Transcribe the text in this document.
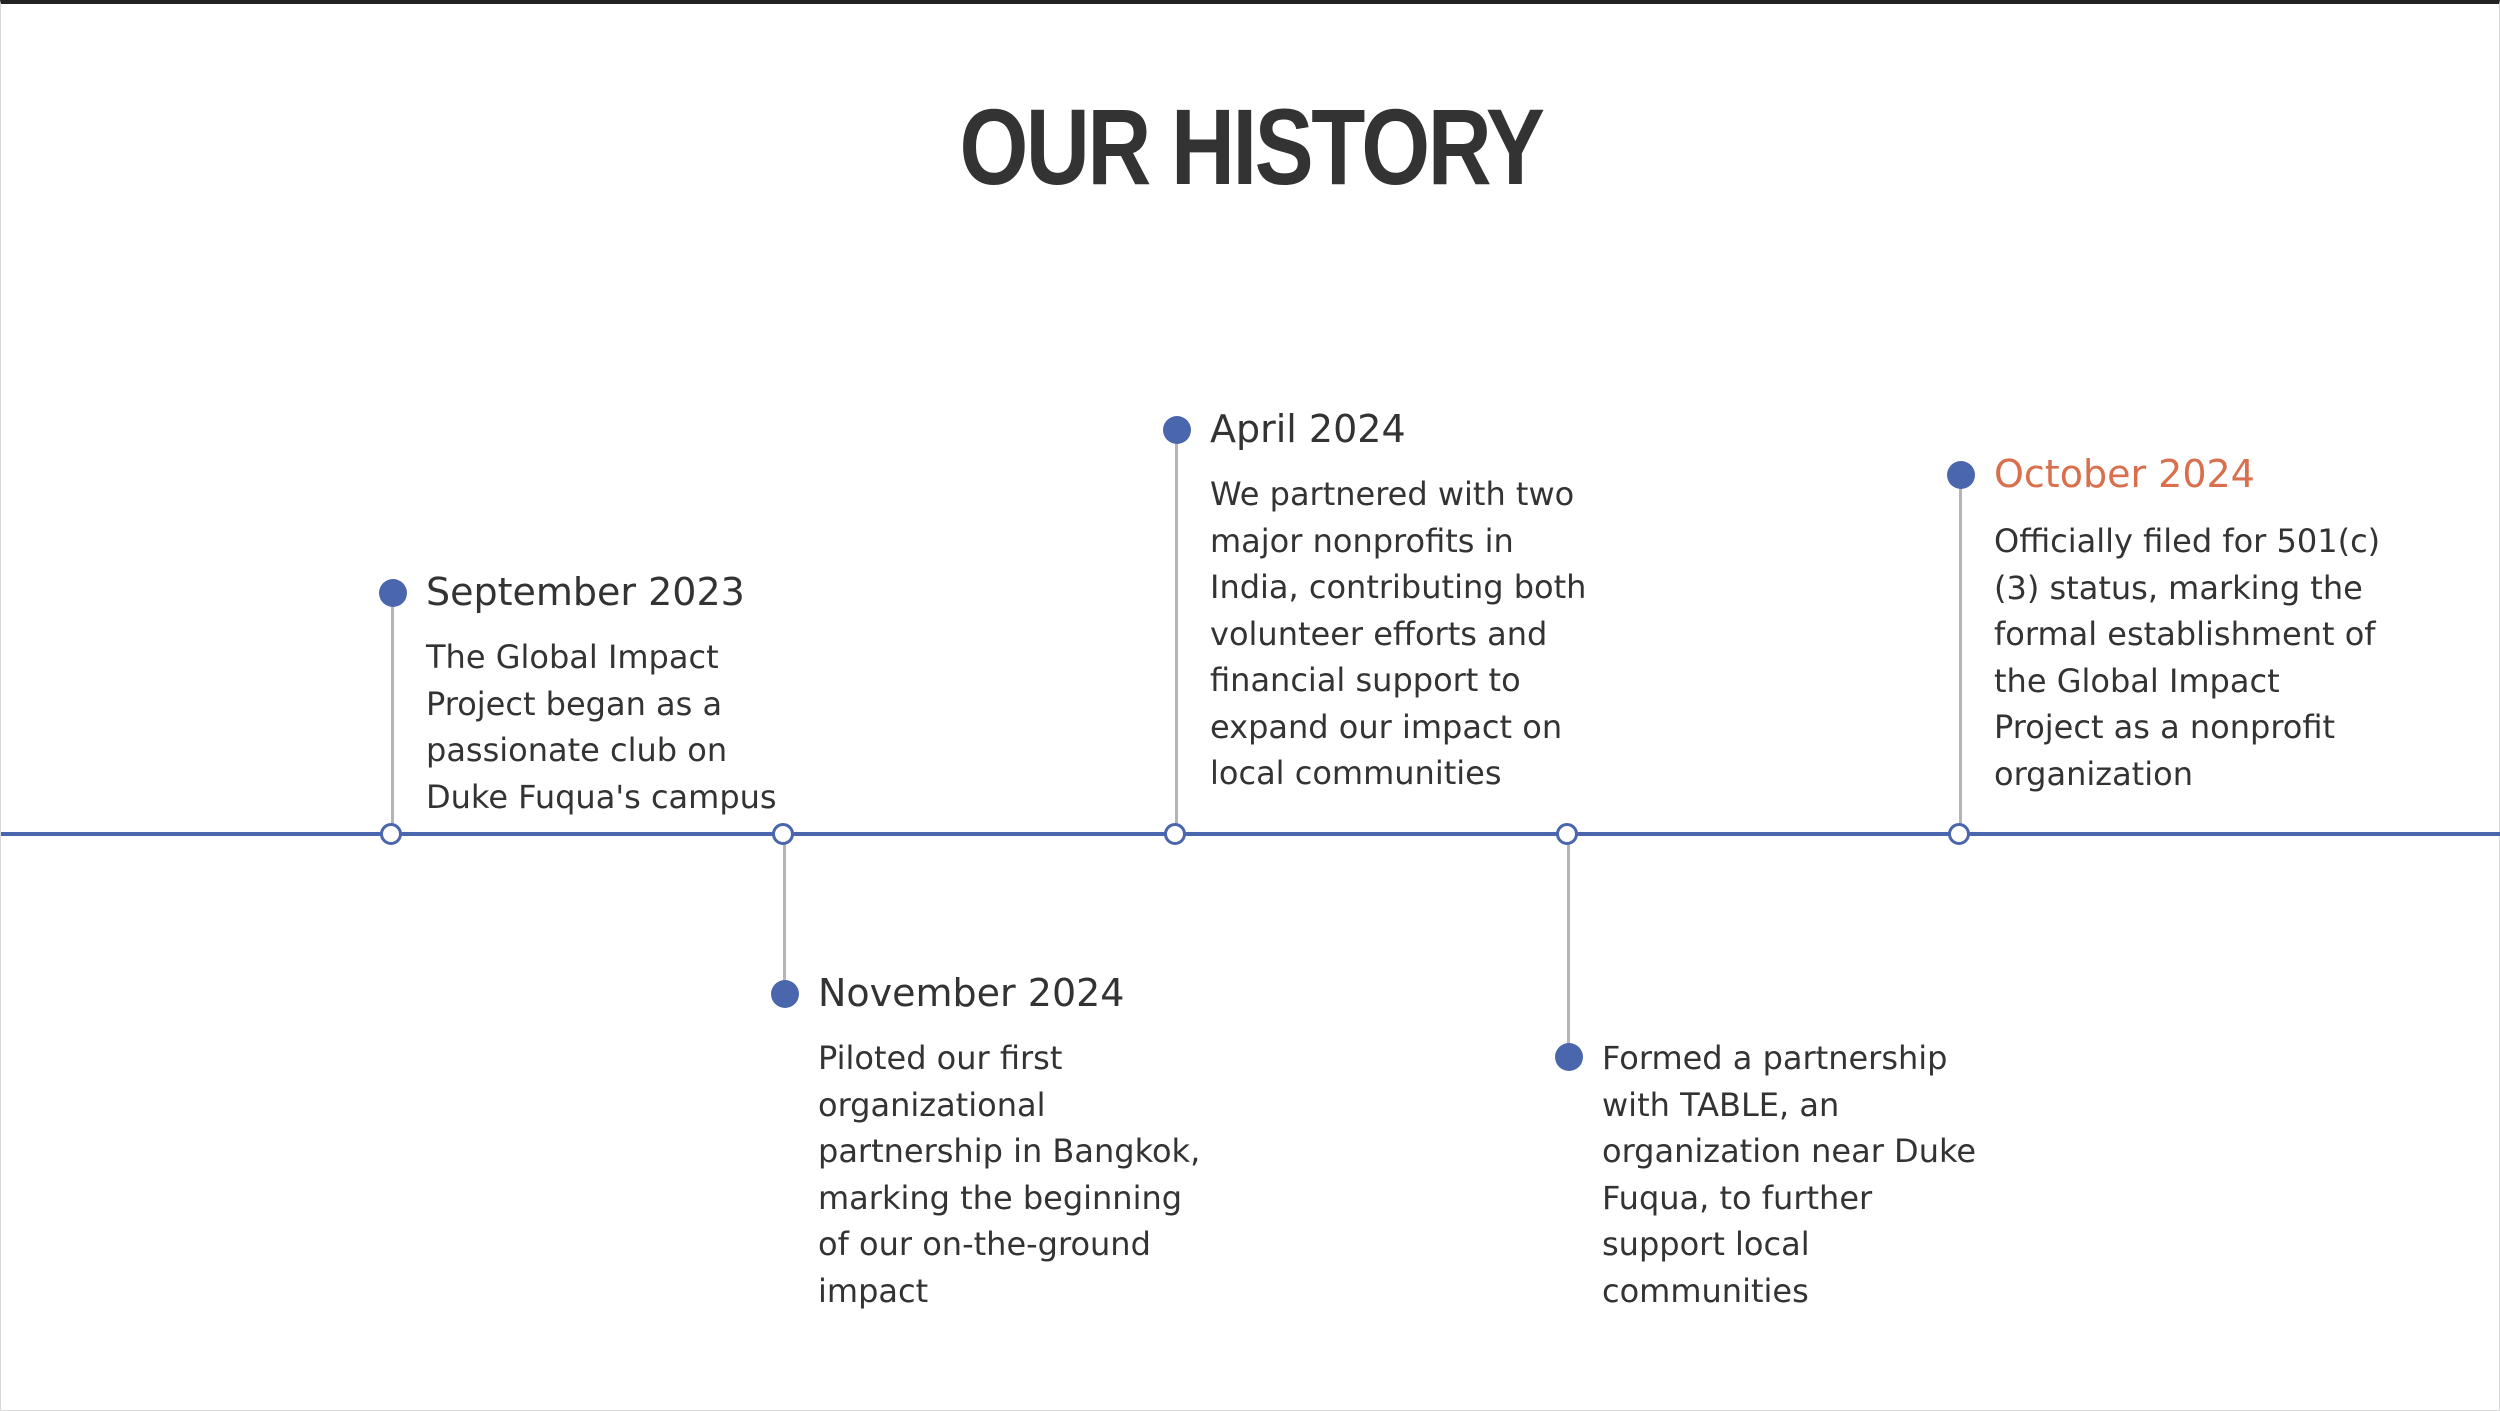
OUR HISTORY
September 2023
The Global Impact
Project began as a
passionate club on
Duke Fuqua's campus
November 2024
Piloted our first
organizational
partnership in Bangkok,
marking the beginning
of our on-the-ground
impact
April 2024
We partnered with two
major nonprofits in
India, contributing both
volunteer efforts and
financial support to
expand our impact on
local communities
Formed a partnership
with TABLE, an
organization near Duke
Fuqua, to further
support local
communities
October 2024
Officially filed for 501(c)
(3) status, marking the
formal establishment of
the Global Impact
Project as a nonprofit
organization
